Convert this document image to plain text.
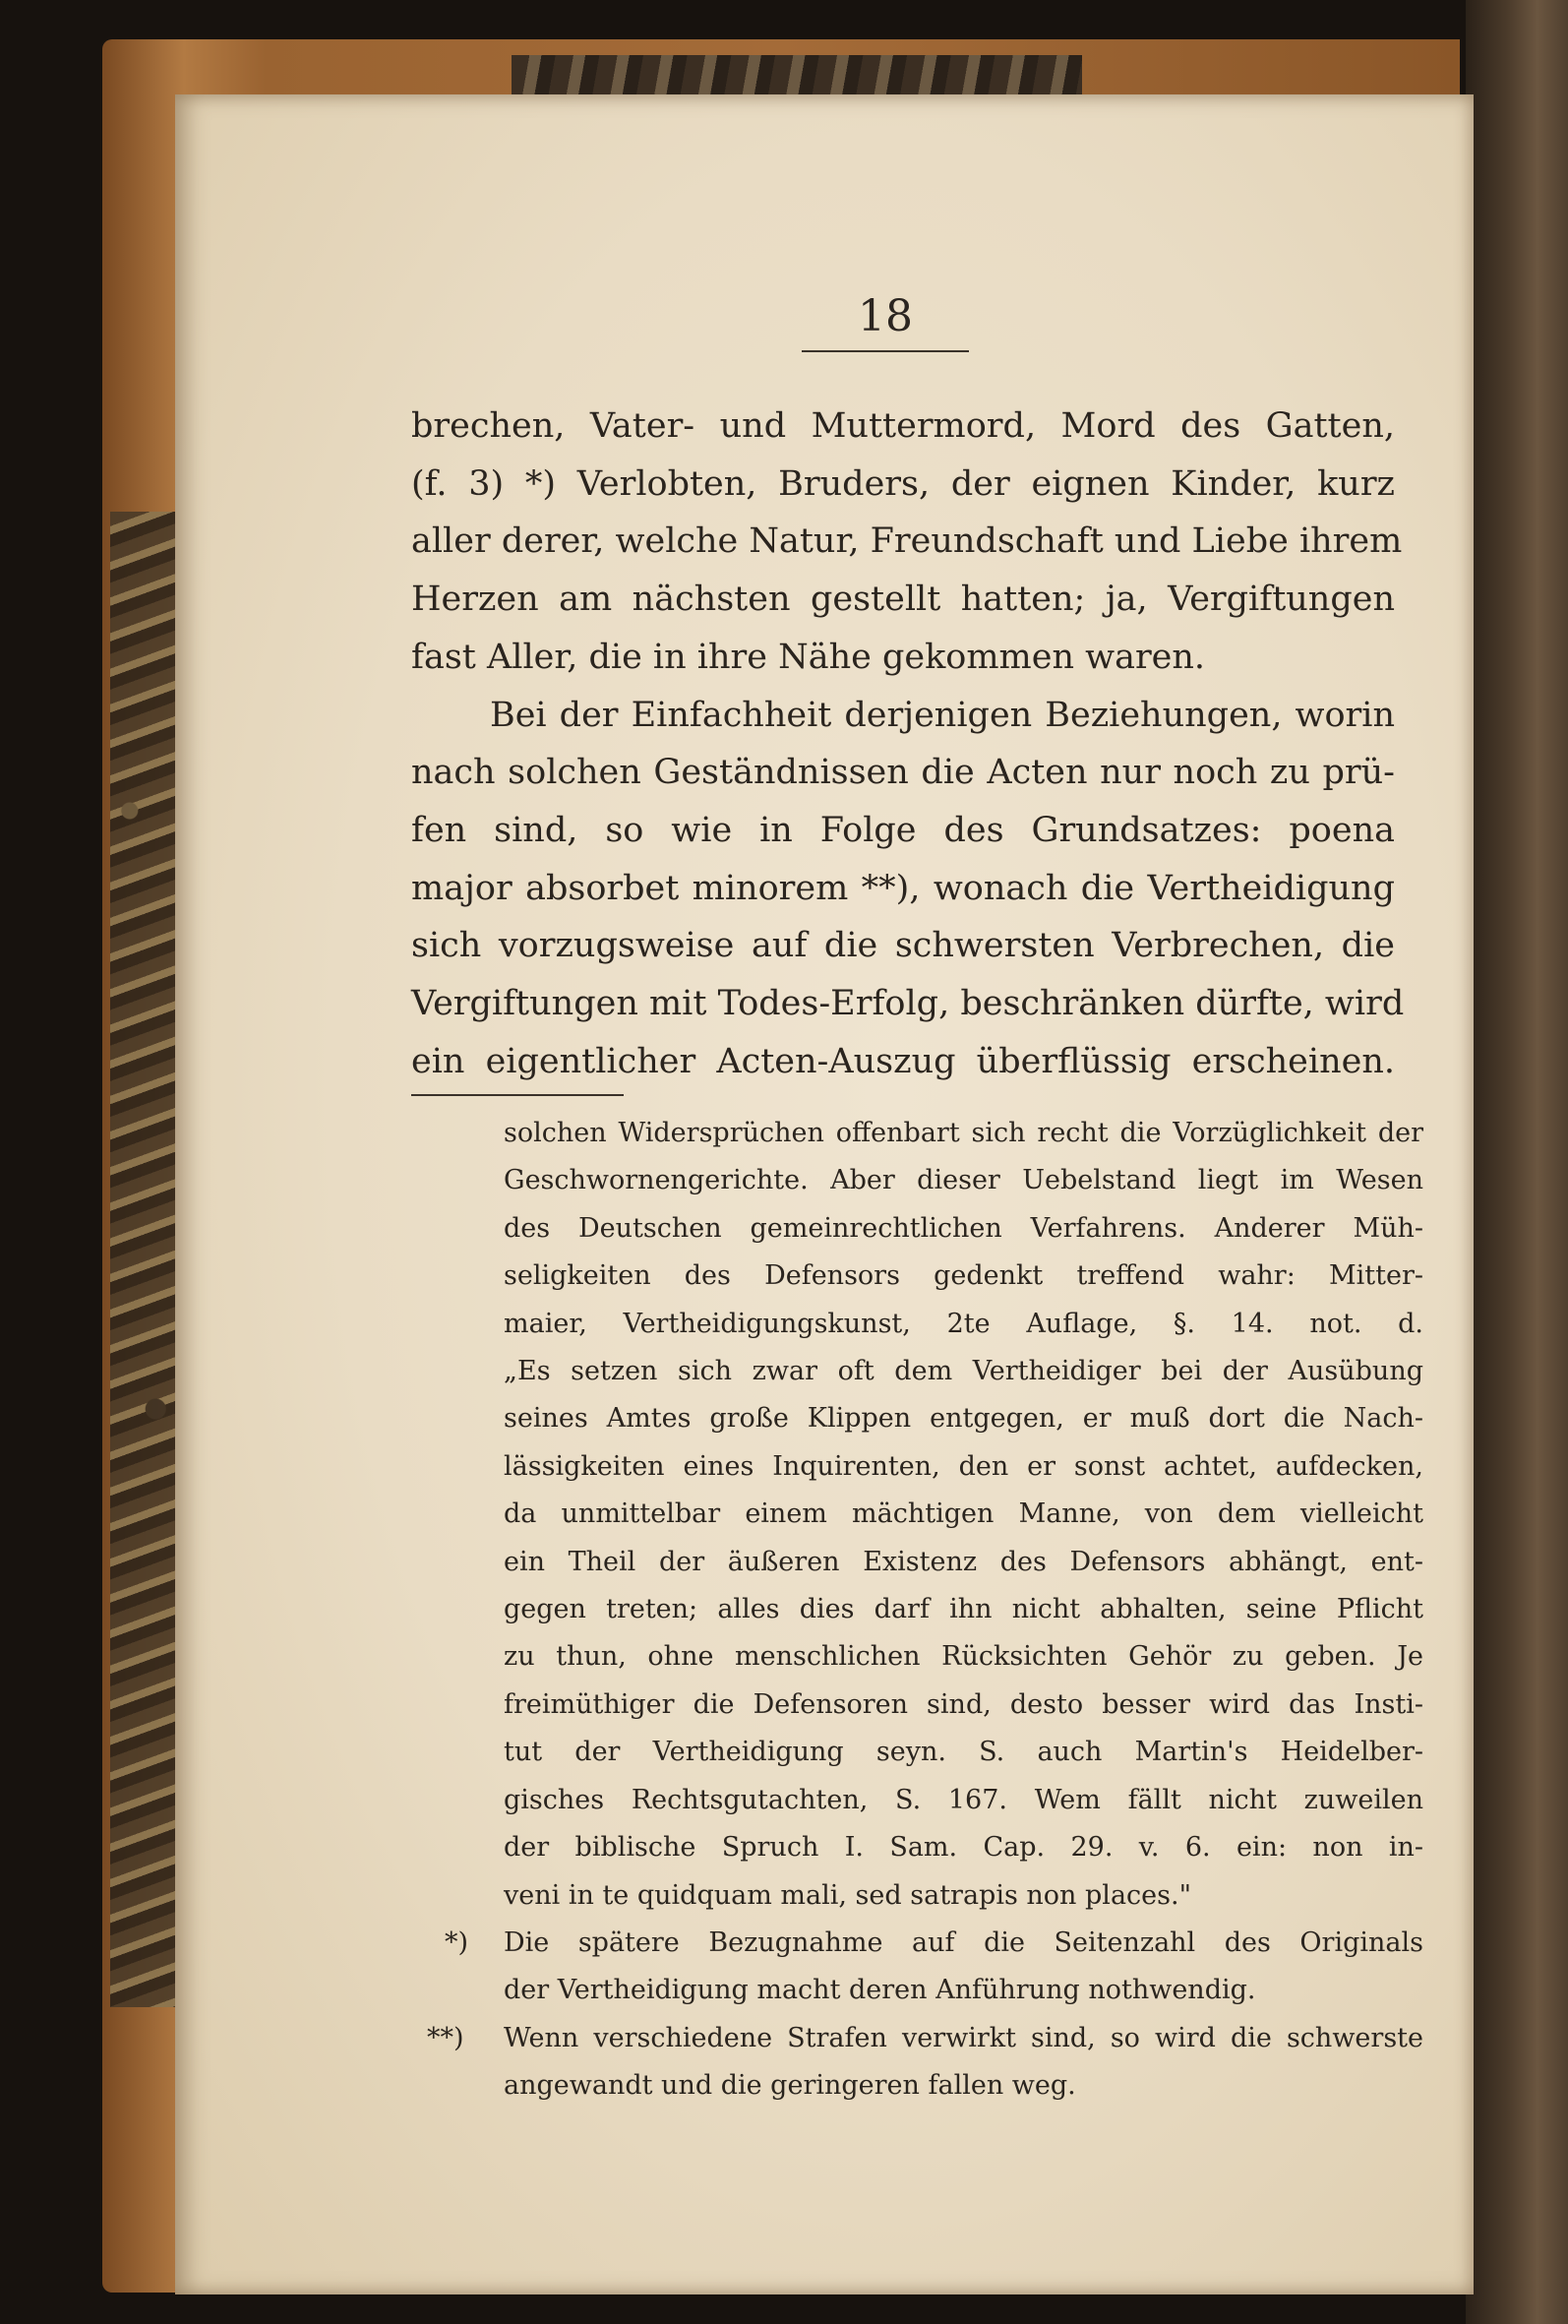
18
brechen, Vater- und Muttermord, Mord des Gatten,
(f. 3) *) Verlobten, Bruders, der eignen Kinder, kurz
aller derer, welche Natur, Freundschaft und Liebe ihrem
Herzen am nächsten gestellt hatten; ja, Vergiftungen
fast Aller, die in ihre Nähe gekommen waren.
Bei der Einfachheit derjenigen Beziehungen, worin
nach solchen Geständnissen die Acten nur noch zu prü-
fen sind, so wie in Folge des Grundsatzes: poena
major absorbet minorem **), wonach die Vertheidigung
sich vorzugsweise auf die schwersten Verbrechen, die
Vergiftungen mit Todes-Erfolg, beschränken dürfte, wird
ein eigentlicher Acten-Auszug überflüssig erscheinen.
solchen Widersprüchen offenbart sich recht die Vorzüglichkeit der
Geschwornengerichte. Aber dieser Uebelstand liegt im Wesen
des Deutschen gemeinrechtlichen Verfahrens. Anderer Müh-
seligkeiten des Defensors gedenkt treffend wahr: Mitter-
maier, Vertheidigungskunst, 2te Auflage, §. 14. not. d.
„Es setzen sich zwar oft dem Vertheidiger bei der Ausübung
seines Amtes große Klippen entgegen, er muß dort die Nach-
lässigkeiten eines Inquirenten, den er sonst achtet, aufdecken,
da unmittelbar einem mächtigen Manne, von dem vielleicht
ein Theil der äußeren Existenz des Defensors abhängt, ent-
gegen treten; alles dies darf ihn nicht abhalten, seine Pflicht
zu thun, ohne menschlichen Rücksichten Gehör zu geben. Je
freimüthiger die Defensoren sind, desto besser wird das Insti-
tut der Vertheidigung seyn. S. auch Martin's Heidelber-
gisches Rechtsgutachten, S. 167. Wem fällt nicht zuweilen
der biblische Spruch I. Sam. Cap. 29. v. 6. ein: non in-
veni in te quidquam mali, sed satrapis non places."
*) Die spätere Bezugnahme auf die Seitenzahl des Originals
der Vertheidigung macht deren Anführung nothwendig.
**) Wenn verschiedene Strafen verwirkt sind, so wird die schwerste
angewandt und die geringeren fallen weg.
